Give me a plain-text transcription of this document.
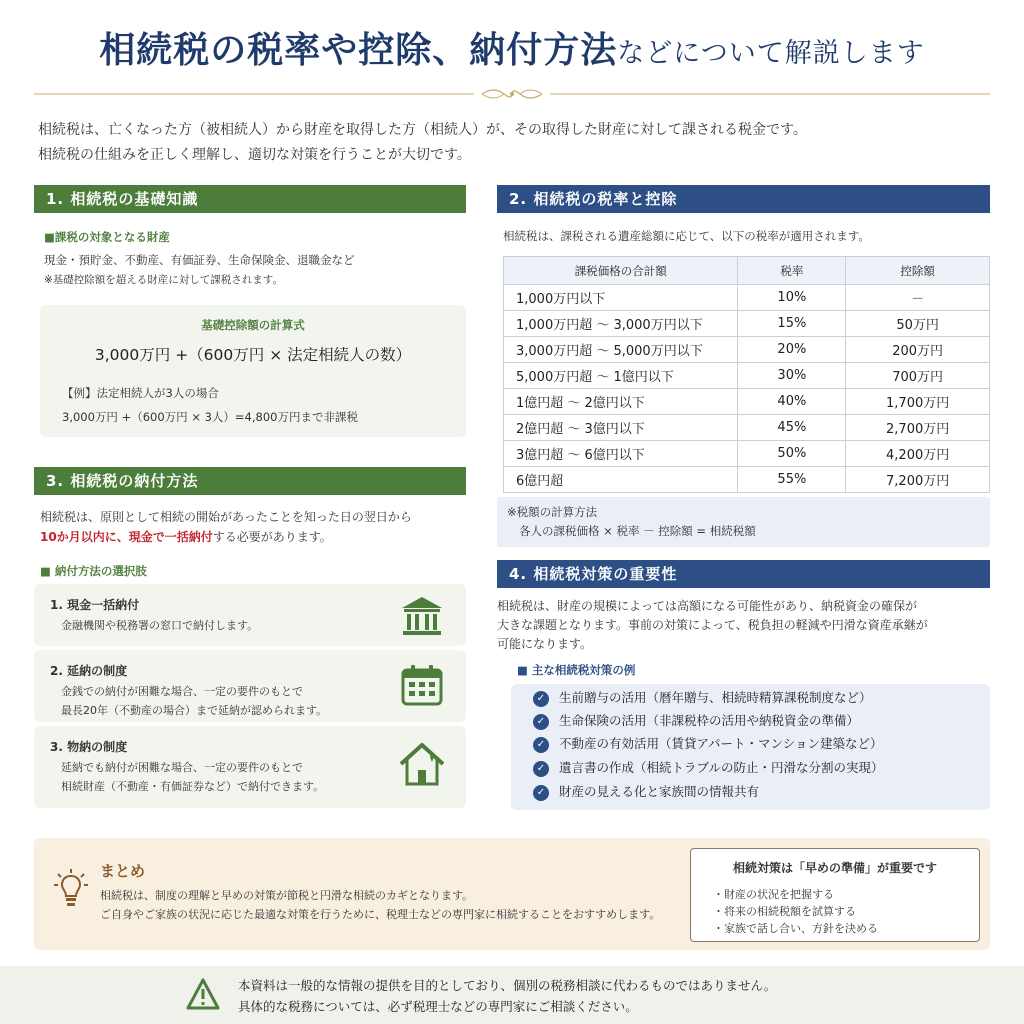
相続税の税率や控除、納付方法などについて解説します

相続税は、亡くなった方（被相続人）から財産を取得した方（相続人）が、その取得した財産に対して課される税金です。

相続税の仕組みを正しく理解し、適切な対策を行うことが大切です。

1. 相続税の基礎知識
■課税の対象となる財産

現金・預貯金、不動産、有価証券、生命保険金、退職金など

※基礎控除額を超える財産に対して課税されます。

基礎控除額の計算式
3,000万円 +（600万円 × 法定相続人の数）

【例】法定相続人が3人の場合

3,000万円 +（600万円 × 3人）=4,800万円まで非課税

3. 相続税の納付方法

相続税は、原則として相続の開始があったことを知った日の翌日から

10か月以内に、現金で一括納付する必要があります。

■ 納付方法の選択肢
1. 現金一括納付

金融機関や税務署の窓口で納付します。

2. 延納の制度

金銭での納付が困難な場合、一定の要件のもとで

最長20年（不動産の場合）まで延納が認められます。

3. 物納の制度

延納でも納付が困難な場合、一定の要件のもとで

相続財産（不動産・有価証券など）で納付できます。

2. 相続税の税率と控除
相続税は、課税される遺産総額に応じて、以下の税率が適用されます。
課税価格の合計額	税率	控除額
1,000万円以下	10%	－
1,000万円超 〜 3,000万円以下	15%	50万円
3,000万円超 〜 5,000万円以下	20%	200万円
5,000万円超 〜 1億円以下	30%	700万円
1億円超 〜 2億円以下	40%	1,700万円
2億円超 〜 3億円以下	45%	2,700万円
3億円超 〜 6億円以下	50%	4,200万円
6億円超	55%	7,200万円
※税額の計算方法
各人の課税価格 × 税率 － 控除額 = 相続税額
4. 相続税対策の重要性

相続税は、財産の規模によっては高額になる可能性があり、納税資金の確保が

大きな課題となります。事前の対策によって、税負担の軽減や円滑な資産承継が

可能になります。

■ 主な相続税対策の例
✓ 生前贈与の活用（暦年贈与、相続時精算課税制度など）
✓ 生命保険の活用（非課税枠の活用や納税資金の準備）
✓ 不動産の有効活用（賃貸アパート・マンション建築など）
✓ 遺言書の作成（相続トラブルの防止・円滑な分割の実現）
✓ 財産の見える化と家族間の情報共有
まとめ

相続税は、制度の理解と早めの対策が節税と円滑な相続のカギとなります。

ご自身やご家族の状況に応じた最適な対策を行うために、税理士などの専門家に相続することをおすすめします。

相続対策は「早めの準備」が重要です
・財産の状況を把握する
・将来の相続税額を試算する
・家族で話し合い、方針を決める

本資料は一般的な情報の提供を目的としており、個別の税務相談に代わるものではありません。

具体的な税務については、必ず税理士などの専門家にご相談ください。
